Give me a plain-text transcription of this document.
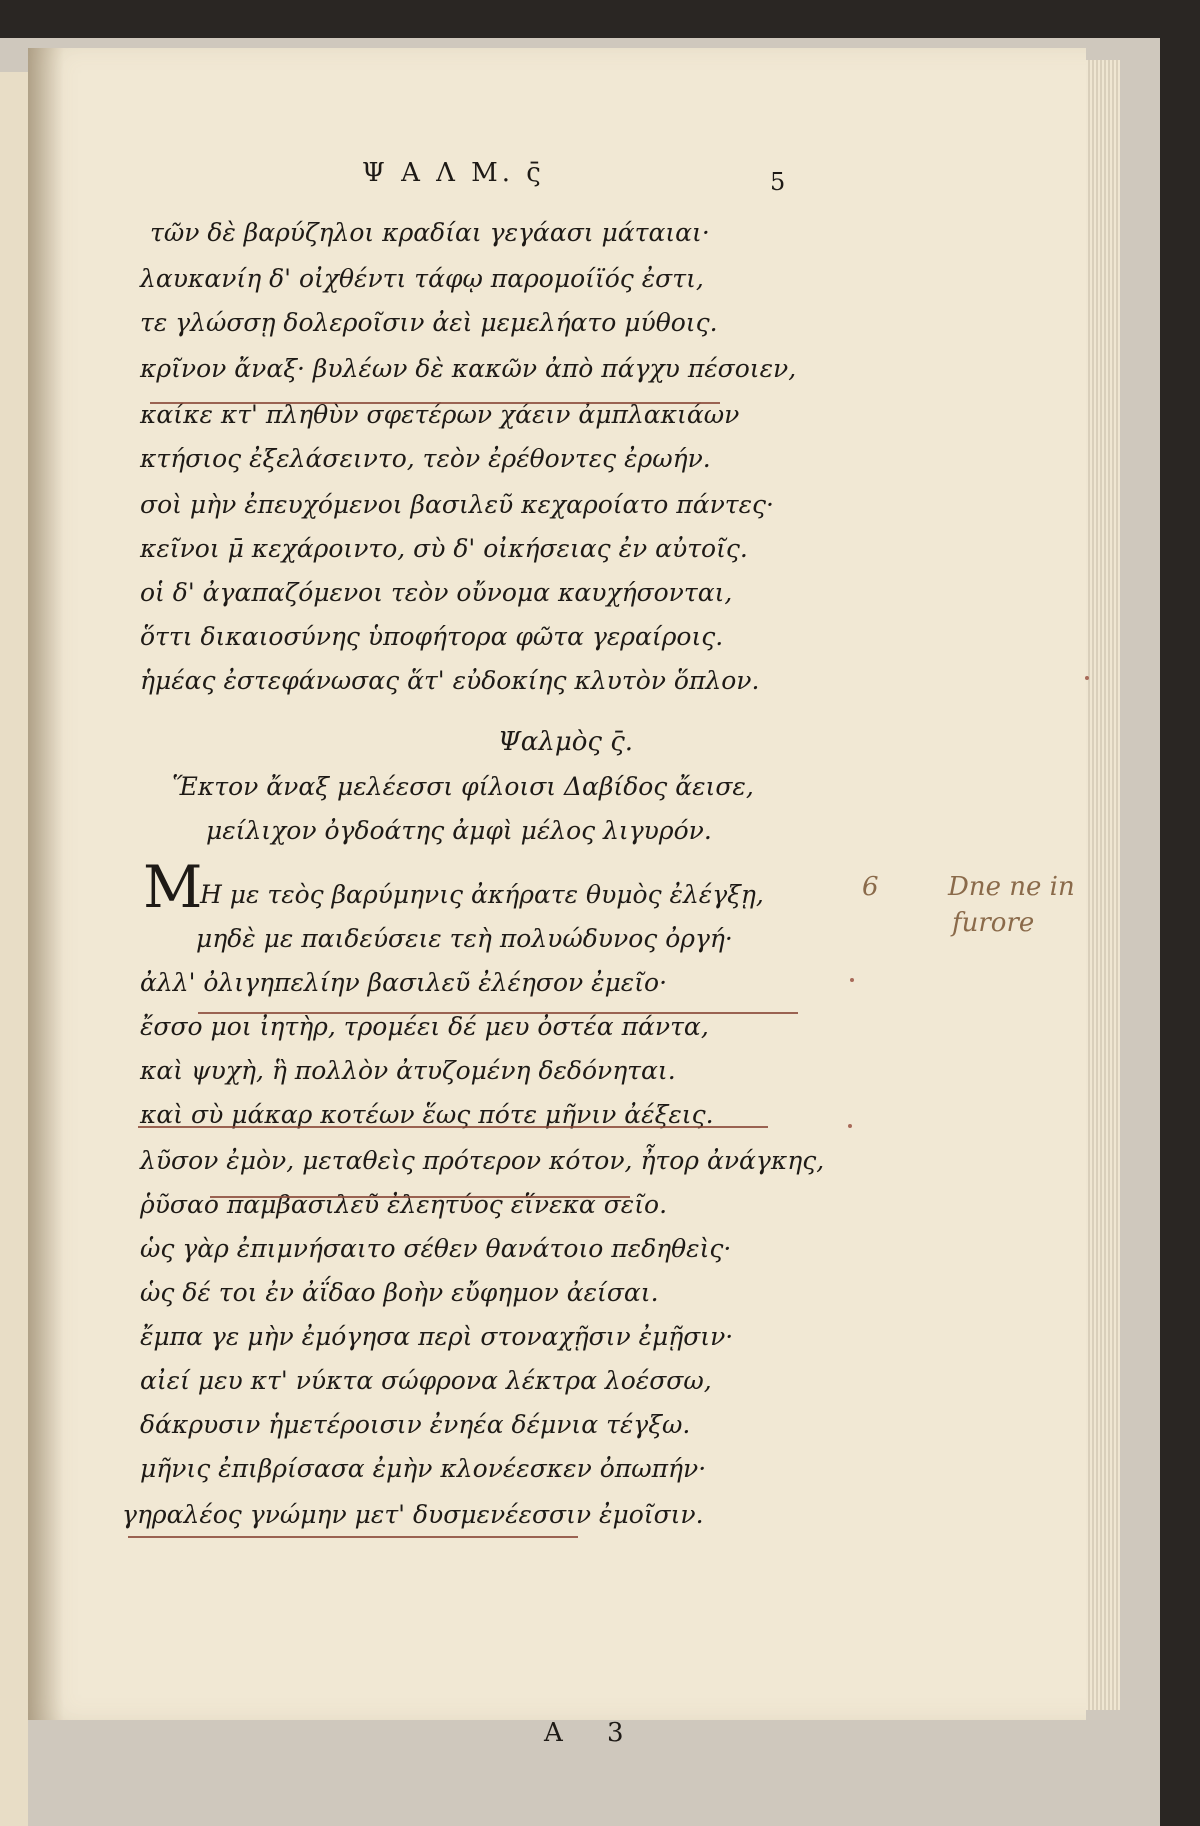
Ψ Α Λ Μ. ς̄	5
τῶν δὲ βαρύζηλοι κραδίαι γεγάασι μάταιαι·
λαυκανίη δ' οἰχθέντι τάφῳ παρομοίϊός ἐστι,
τε γλώσσῃ δολεροῖσιν ἀεὶ μεμελήατο μύθοις.
κρῖνον ἄναξ· βυλέων δὲ κακῶν ἀπὸ πάγχυ πέσοιεν,
καίκε κτ' πληθὺν σφετέρων χάειν ἀμπλακιάων
κτήσιος ἐξελάσειντο, τεὸν ἐρέθοντες ἐρωήν.
σοὶ μὴν ἐπευχόμενοι βασιλεῦ κεχαροίατο πάντες·
κεῖνοι μ̄ κεχάροιντο, σὺ δ' οἰκήσειας ἐν αὐτοῖς.
οἱ δ' ἀγαπαζόμενοι τεὸν οὔνομα καυχήσονται,
ὅττι δικαιοσύνης ὑποφήτορα φῶτα γεραίροις.
ἡμέας ἐστεφάνωσας ἅτ' εὐδοκίης κλυτὸν ὅπλον.
Ψαλμὸς ς̄.
Ἕκτον ἄναξ μελέεσσι φίλοισι Δαβίδος ἄεισε,
μείλιχον ὀγδοάτης ἀμφὶ μέλος λιγυρόν.
M
Η με τεὸς βαρύμηνις ἀκήρατε θυμὸς ἐλέγξῃ,
μηδὲ με παιδεύσειε τεὴ πολυώδυνος ὀργή·
ἀλλ' ὀλιγηπελίην βασιλεῦ ἐλέησον ἐμεῖο·
ἔσσο μοι ἰητὴρ, τρομέει δέ μευ ὀστέα πάντα,
καὶ ψυχὴ, ἣ πολλὸν ἀτυζομένη δεδόνηται.
καὶ σὺ μάκαρ κοτέων ἕως πότε μῆνιν ἀέξεις.
λῦσον ἐμὸν, μεταθεὶς πρότερον κότον, ἦτορ ἀνάγκης,
ῥῦσαο παμβασιλεῦ ἐλεητύος εἵνεκα σεῖο.
ὡς γὰρ ἐπιμνήσαιτο σέθεν θανάτοιο πεδηθεὶς·
ὡς δέ τοι ἐν ἀΐδαο βοὴν εὔφημον ἀείσαι.
ἔμπα γε μὴν ἐμόγησα περὶ στοναχῇσιν ἐμῇσιν·
αἰεί μευ κτ' νύκτα σώφρονα λέκτρα λοέσσω,
δάκρυσιν ἡμετέροισιν ἐνηέα δέμνια τέγξω.
μῆνις ἐπιβρίσασα ἐμὴν κλονέεσκεν ὀπωπήν·
γηραλέος γνώμην μετ' δυσμενέεσσιν ἐμοῖσιν.
A 3
6	Dne ne in
furore
